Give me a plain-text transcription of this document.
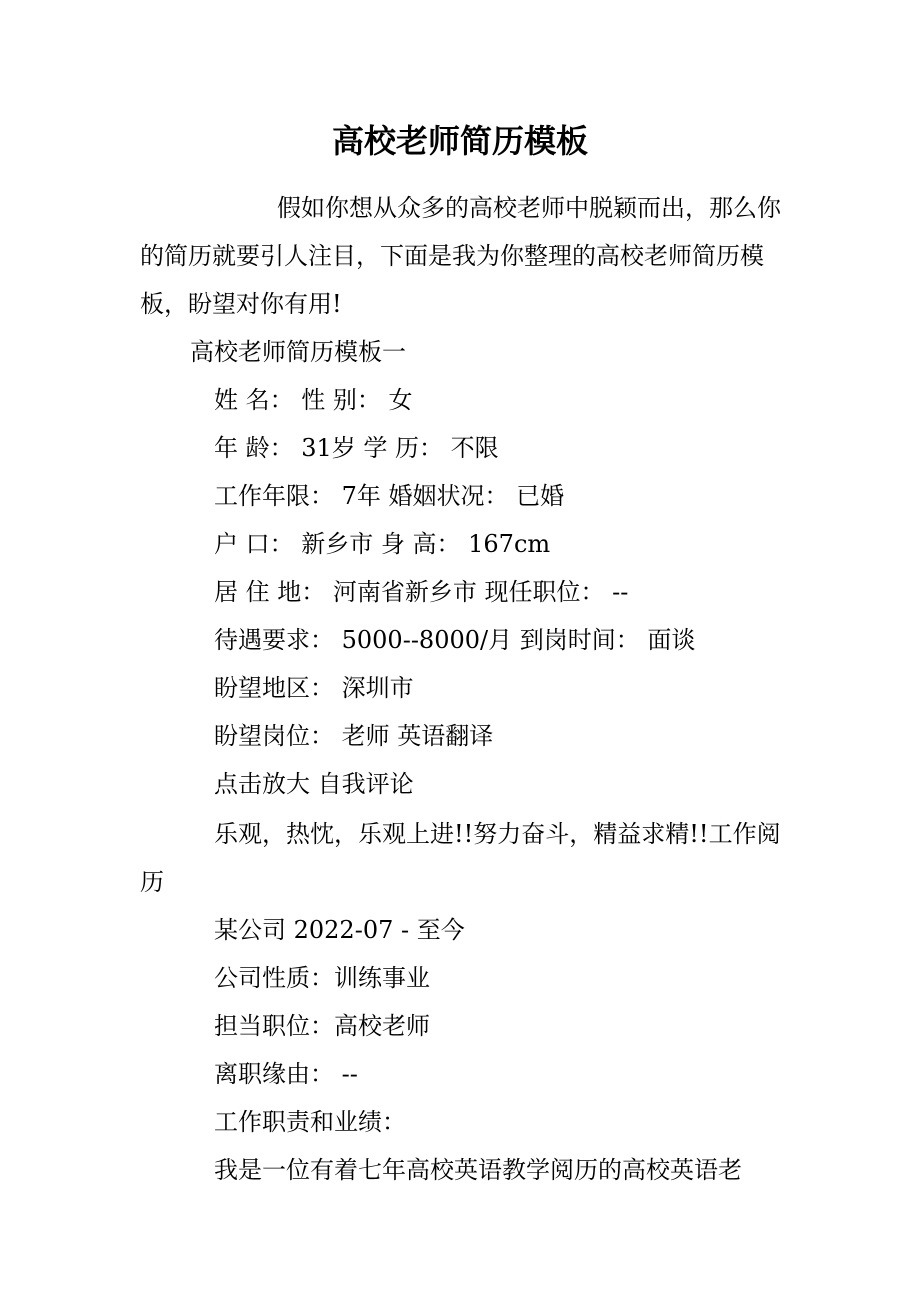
高校老师简历模板
假如你想从众多的高校老师中脱颖而出，那么你的简历就要引人注目，下面是我为你整理的高校老师简历模板，盼望对你有用!
高校老师简历模板一
姓 名： 性 别： 女
年 龄： 31岁 学 历： 不限
工作年限： 7年 婚姻状况： 已婚
户 口： 新乡市 身 高： 167cm
居 住 地： 河南省新乡市 现任职位： --
待遇要求： 5000--8000/月 到岗时间： 面谈
盼望地区： 深圳市
盼望岗位： 老师 英语翻译
点击放大 自我评论
乐观，热忱，乐观上进!!努力奋斗，精益求精!!工作阅历
某公司 2022-07 - 至今
公司性质：训练事业
担当职位：高校老师
离职缘由： --
工作职责和业绩：
我是一位有着七年高校英语教学阅历的高校英语老
